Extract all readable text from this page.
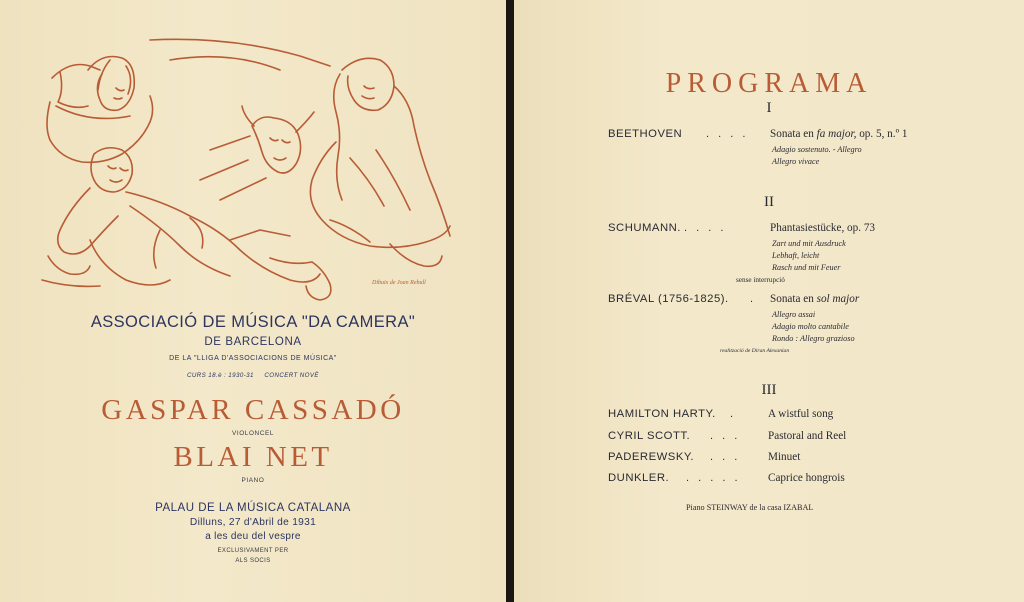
Dibuix de Joan Rebull
ASSOCIACIÓ DE MÚSICA "DA CAMERA"
DE BARCELONA
DE LA "LLIGA D'ASSOCIACIONS DE MÚSICA"
CURS 18.è : 1930-31     CONCERT NOVÈ
GASPAR CASSADÓ
VIOLONCEL
BLAI NET
PIANO
PALAU DE LA MÚSICA CATALANA
Dilluns, 27 d'Abril de 1931
a les deu del vespre
EXCLUSIVAMENT PER
ALS SOCIS
PROGRAMA
I
BEETHOVEN . . . . Sonata en fa major, op. 5, n.º 1
Adagio sostenuto. - Allegro
Allegro vivace
II
SCHUMANN. . . . .	Phantasiestücke, op. 73
Zart und mit Ausdruck
Lebhaft, leicht
Rasch und mit Feuer
sense interrupció
BRÉVAL (1756-1825). . Sonata en sol major
Allegro assai
Adagio molto cantabile
Rondo : Allegro grazioso
realització de Diran Alexanian
III
HAMILTON HARTY. .	A wistful song
CYRIL SCOTT. . . . Pastoral and Reel
PADEREWSKY. . . . Minuet
DUNKLER. . . . . . Caprice hongrois
Piano STEINWAY de la casa IZABAL
